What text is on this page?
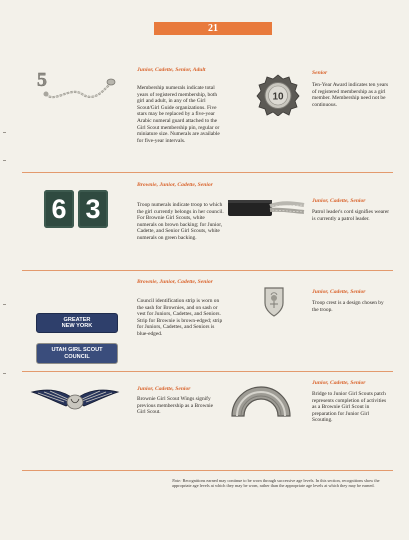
21
5	Junior, Cadette, Senior, Adult

Membership numerals indicate total years of registered membership, both girl and adult, in any of the Girl Scout/Girl Guide organizations. Five stars may be replaced by a five-year Arabic numeral guard attached to the Girl Scout membership pin, regular or miniature size. Numerals are available for five-year intervals.

10

Senior

Ten-Year Award indicates ten years of registered membership as a girl member. Membership need not be continuous.

6 3

Brownie, Junior, Cadette, Senior

Troop numerals indicate troop to which the girl currently belongs in her council. For Brownie Girl Scouts, white numerals on brown backing; for Junior, Cadette, and Senior Girl Scouts, white numerals on green backing.

Junior, Cadette, Senior

Patrol leader's cord signifies wearer is currently a patrol leader.

GREATER
NEW YORK
UTAH GIRL SCOUT
COUNCIL

Brownie, Junior, Cadette, Senior

Council identification strip is worn on the sash for Brownies, and on sash or vest for Juniors, Cadettes, and Seniors. Strip for Brownie is brown-edged; strip for Juniors, Cadettes, and Seniors is blue-edged.

Junior, Cadette, Senior

Troop crest is a design chosen by the troop.

Junior, Cadette, Senior

Brownie Girl Scout Wings signify previous membership as a Brownie Girl Scout.

Junior, Cadette, Senior

Bridge to Junior Girl Scouts patch represents completion of activities as a Brownie Girl Scout in preparation for Junior Girl Scouting.

Note: Recognitions earned may continue to be worn through successive age levels. In this section, recognitions show the appropriate age levels at which they may be worn, rather than the appropriate age levels at which they may be earned.
